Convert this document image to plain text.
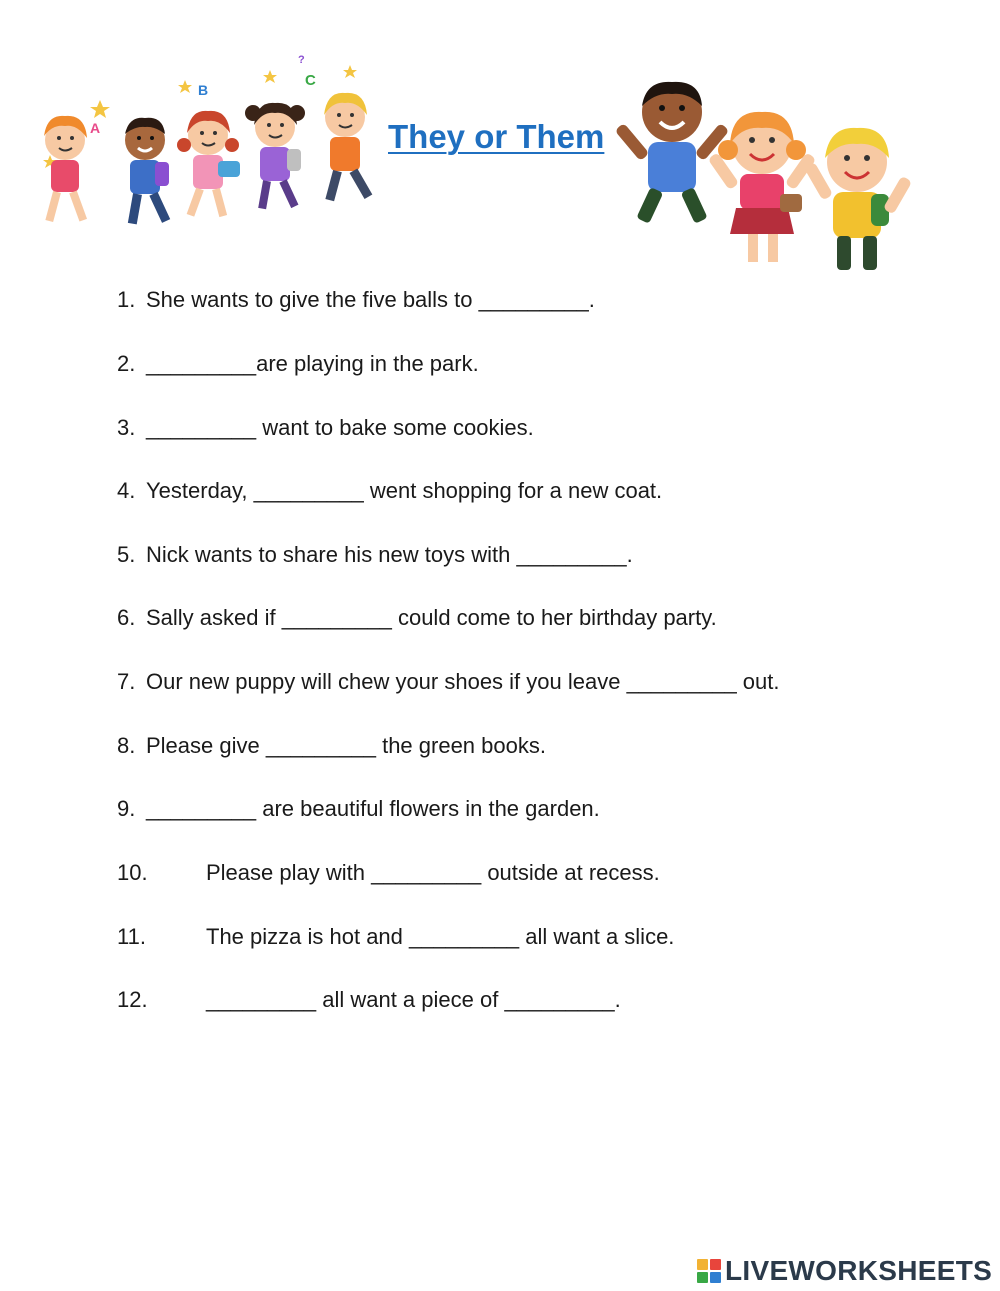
A
B
C
?
They or Them
1. She wants to give the five balls to _________.
2. _________are playing in the park.
3. _________ want to bake some cookies.
4. Yesterday, _________ went shopping for a new coat.
5. Nick wants to share his new toys with _________.
6. Sally asked if _________ could come to her birthday party.
7. Our new puppy will chew your shoes if you leave _________ out.
8. Please give _________ the green books.
9. _________ are beautiful flowers in the garden.
10.	Please play with _________ outside at recess.
11.	The pizza is hot and _________ all want a slice.
12.	_________ all want a piece of _________.
LIVEWORKSHEETS
